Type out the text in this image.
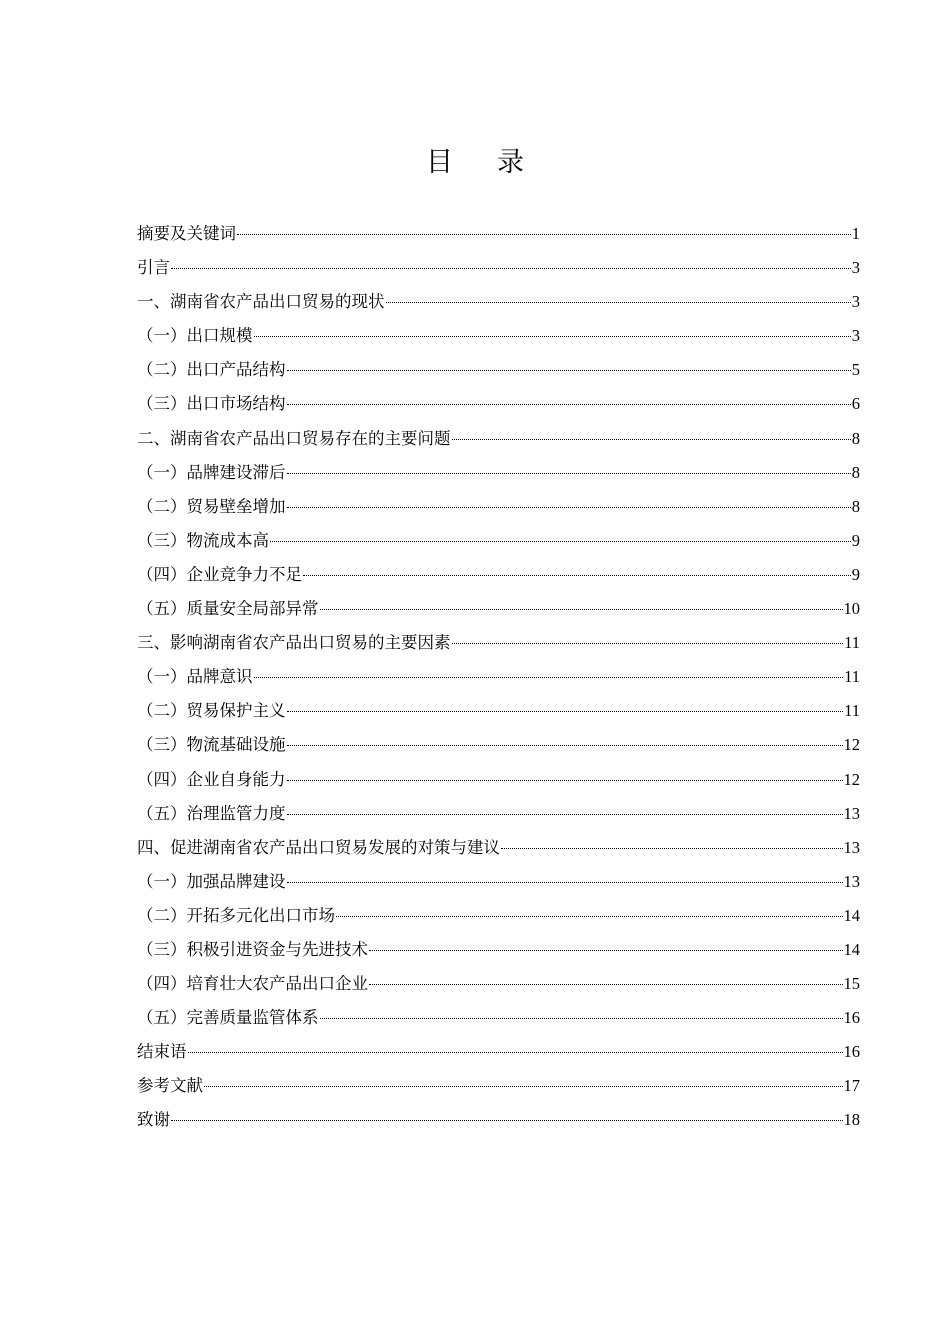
目录
摘要及关键词	1
引言	3
一、湖南省农产品出口贸易的现状	3
（一）出口规模	3
（二）出口产品结构	5
（三）出口市场结构	6
二、湖南省农产品出口贸易存在的主要问题	8
（一）品牌建设滞后	8
（二）贸易壁垒增加	8
（三）物流成本高	9
（四）企业竞争力不足	9
（五）质量安全局部异常	10
三、影响湖南省农产品出口贸易的主要因素	11
（一）品牌意识	11
（二）贸易保护主义	11
（三）物流基础设施	12
（四）企业自身能力	12
（五）治理监管力度	13
四、促进湖南省农产品出口贸易发展的对策与建议	13
（一）加强品牌建设	13
（二）开拓多元化出口市场	14
（三）积极引进资金与先进技术	14
（四）培育壮大农产品出口企业	15
（五）完善质量监管体系	16
结束语	16
参考文献	17
致谢	18
